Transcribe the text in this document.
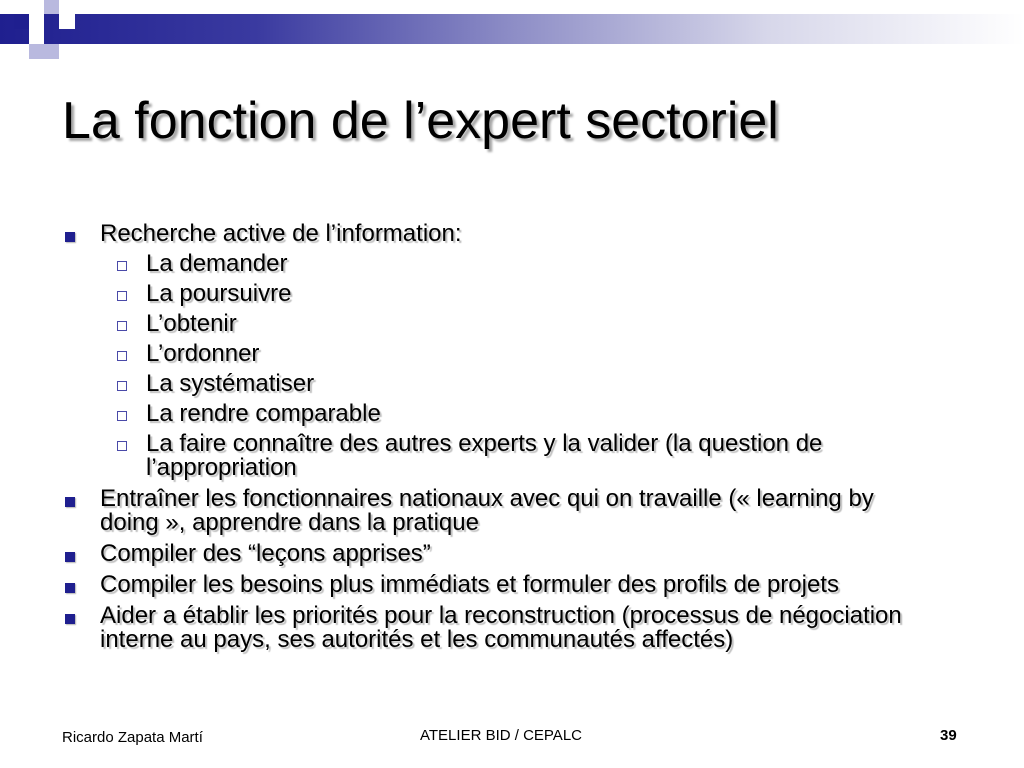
La fonction de l’expert sectoriel
Recherche active de l’information:
La demander
La poursuivre
L’obtenir
L’ordonner
La systématiser
La rendre comparable
La faire connaître des autres experts y la valider (la question de l’appropriation
Entraîner les fonctionnaires nationaux avec qui on travaille (« learning by doing », apprendre dans la pratique
Compiler des “leçons apprises”
Compiler les besoins plus immédiats et formuler des profils de projets
Aider a établir les priorités pour la reconstruction (processus de négociation interne au pays, ses autorités et les communautés affectés)
Ricardo Zapata Martí	ATELIER BID / CEPALC	39
